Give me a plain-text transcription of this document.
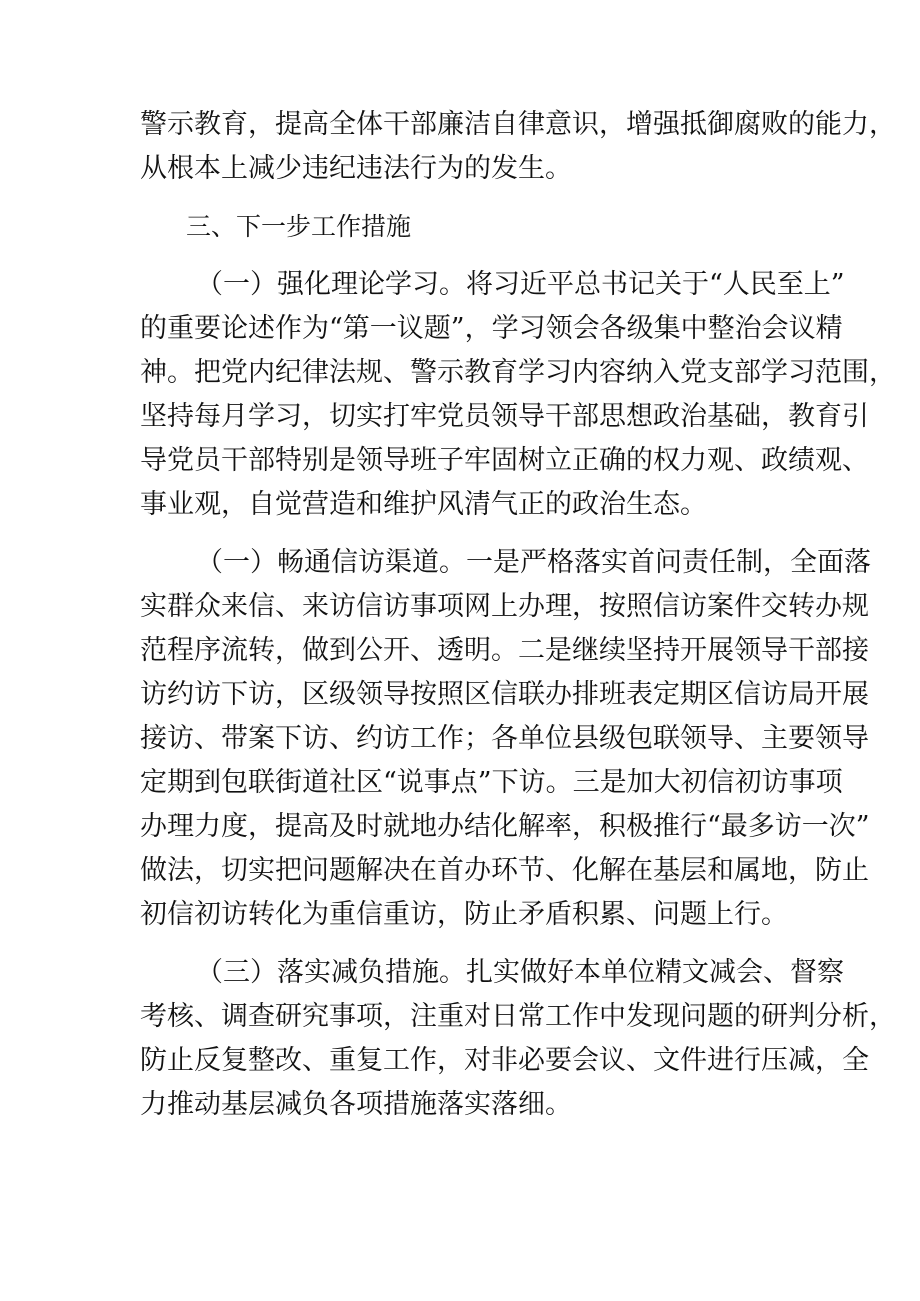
警示教育，提高全体干部廉洁自律意识，增强抵御腐败的能力，
从根本上减少违纪违法行为的发生。
三、下一步工作措施
（一）强化理论学习。将习近平总书记关于“人民至上”
的重要论述作为“第一议题”，学习领会各级集中整治会议精
神。把党内纪律法规、警示教育学习内容纳入党支部学习范围，
坚持每月学习，切实打牢党员领导干部思想政治基础，教育引
导党员干部特别是领导班子牢固树立正确的权力观、政绩观、
事业观，自觉营造和维护风清气正的政治生态。
（一）畅通信访渠道。一是严格落实首问责任制，全面落
实群众来信、来访信访事项网上办理，按照信访案件交转办规
范程序流转，做到公开、透明。二是继续坚持开展领导干部接
访约访下访，区级领导按照区信联办排班表定期区信访局开展
接访、带案下访、约访工作；各单位县级包联领导、主要领导
定期到包联街道社区“说事点”下访。三是加大初信初访事项
办理力度，提高及时就地办结化解率，积极推行“最多访一次”
做法，切实把问题解决在首办环节、化解在基层和属地，防止
初信初访转化为重信重访，防止矛盾积累、问题上行。
（三）落实减负措施。扎实做好本单位精文减会、督察
考核、调查研究事项，注重对日常工作中发现问题的研判分析，
防止反复整改、重复工作，对非必要会议、文件进行压减，全
力推动基层减负各项措施落实落细。
